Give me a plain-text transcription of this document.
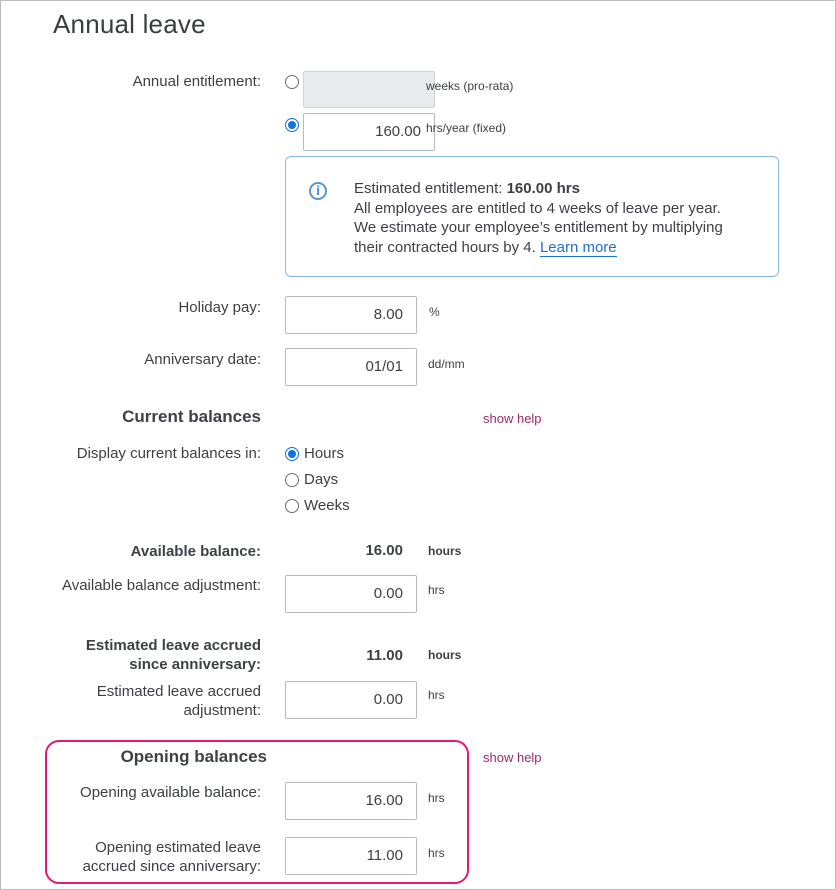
Annual leave
Annual entitlement:	weeks (pro-rata)
160.00 hrs/year (fixed)
i	Estimated entitlement: 160.00 hrs
All employees are entitled to 4 weeks of leave per year.
We estimate your employee’s entitlement by multiplying
their contracted hours by 4. Learn more
Holiday pay:	8.00	%
Anniversary date:	01/01	dd/mm
Current balances	show help
Display current balances in:	Hours
Days
Weeks
Available balance:	16.00 hours
Available balance adjustment:	0.00	hrs
Estimated leave accrued
since anniversary:
11.00 hours
Estimated leave accrued
adjustment:
0.00	hrs
Opening balances	show help
Opening available balance:	16.00	hrs
Opening estimated leave
accrued since anniversary:
11.00	hrs
